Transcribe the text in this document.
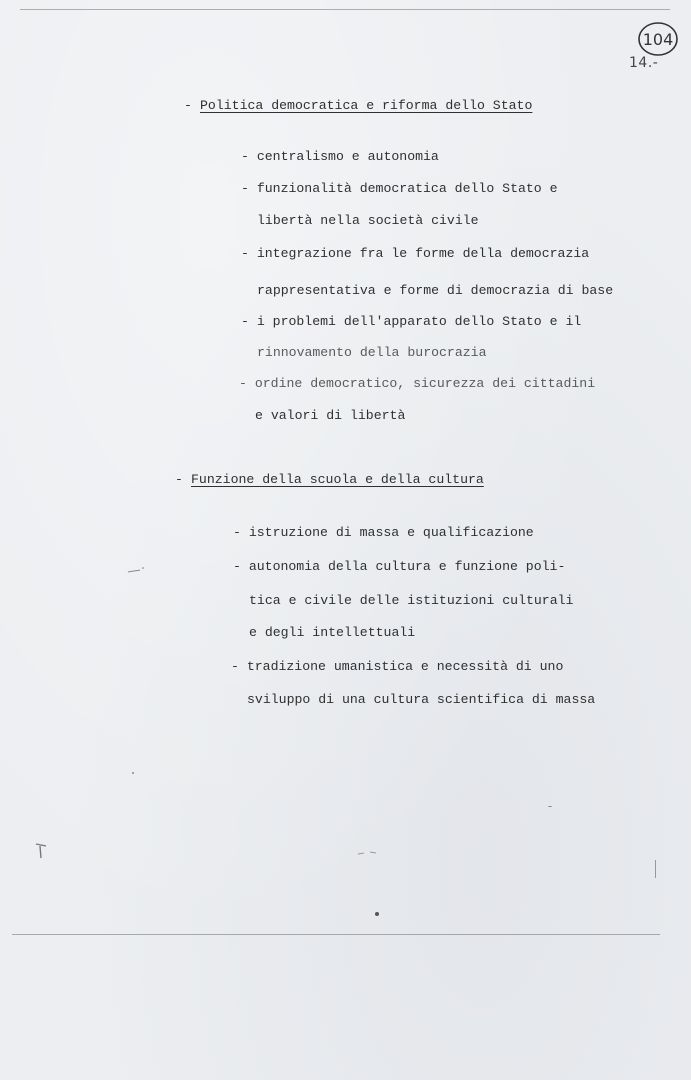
104
14.-
- Politica democratica e riforma dello Stato
- centralismo e autonomia
- funzionalità democratica dello Stato e
libertà nella società civile
- integrazione fra le forme della democrazia
rappresentativa e forme di democrazia di base
- i problemi dell'apparato dello Stato e il
rinnovamento della burocrazia
- ordine democratico, sicurezza dei cittadini
e valori di libertà
- Funzione della scuola e della cultura
- istruzione di massa e qualificazione
- autonomia della cultura e funzione poli-
tica e civile delle istituzioni culturali
e degli intellettuali
- tradizione umanistica e necessità di uno
sviluppo di una cultura scientifica di massa
